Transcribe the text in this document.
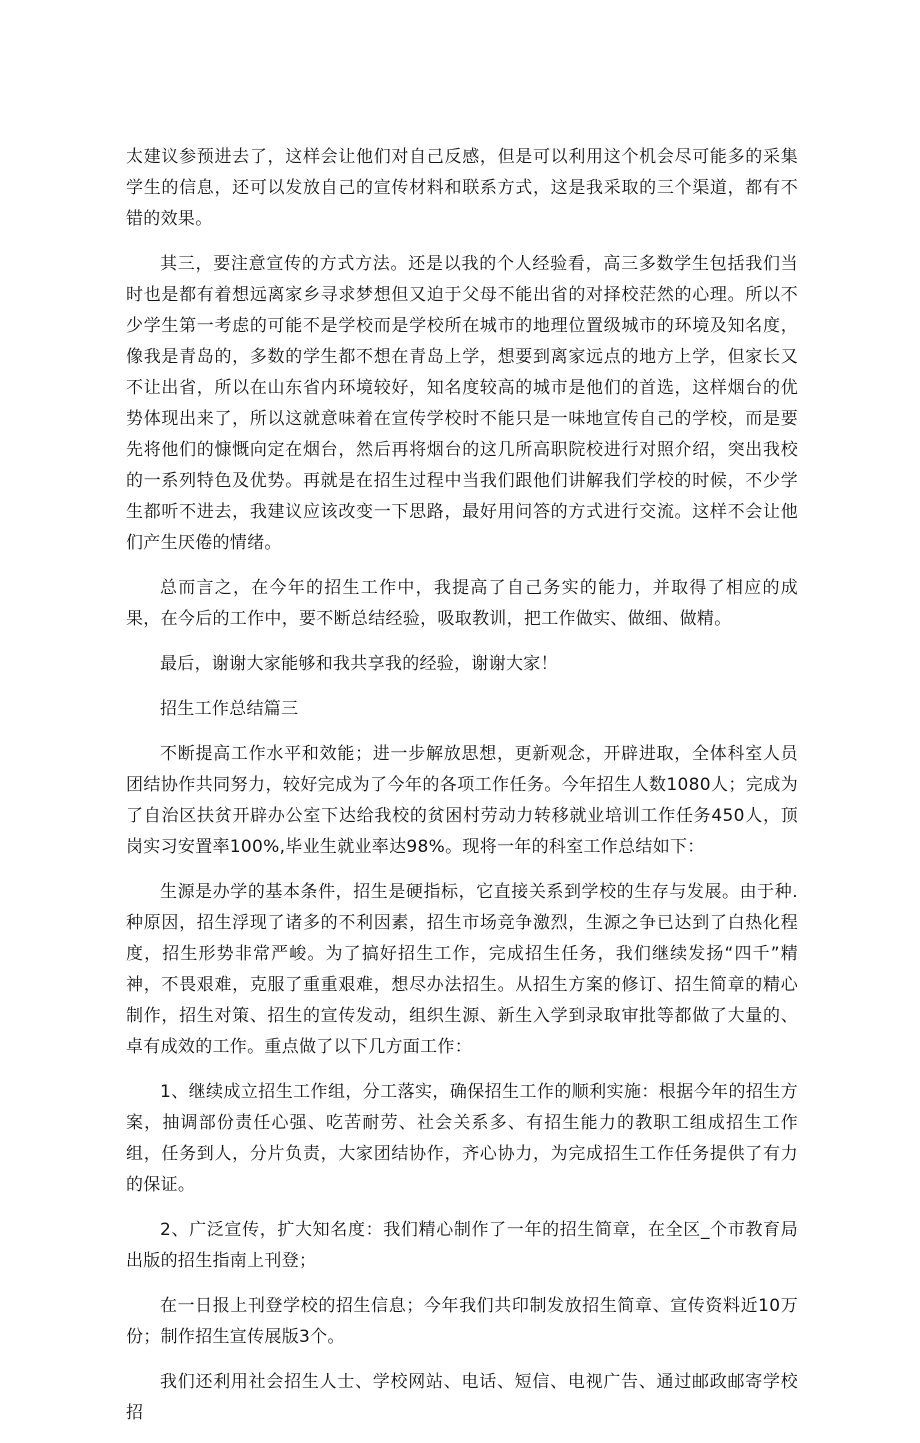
太建议参预进去了，这样会让他们对自己反感，但是可以利用这个机会尽可能多的采集学生的信息，还可以发放自己的宣传材料和联系方式，这是我采取的三个渠道，都有不错的效果。

其三，要注意宣传的方式方法。还是以我的个人经验看，高三多数学生包括我们当时也是都有着想远离家乡寻求梦想但又迫于父母不能出省的对择校茫然的心理。所以不少学生第一考虑的可能不是学校而是学校所在城市的地理位置级城市的环境及知名度，像我是青岛的，多数的学生都不想在青岛上学，想要到离家远点的地方上学，但家长又不让出省，所以在山东省内环境较好，知名度较高的城市是他们的首选，这样烟台的优势体现出来了，所以这就意味着在宣传学校时不能只是一味地宣传自己的学校，而是要先将他们的慷慨向定在烟台，然后再将烟台的这几所高职院校进行对照介绍，突出我校的一系列特色及优势。再就是在招生过程中当我们跟他们讲解我们学校的时候，不少学生都听不进去，我建议应该改变一下思路，最好用问答的方式进行交流。这样不会让他们产生厌倦的情绪。

总而言之，在今年的招生工作中，我提高了自己务实的能力，并取得了相应的成果，在今后的工作中，要不断总结经验，吸取教训，把工作做实、做细、做精。

最后，谢谢大家能够和我共享我的经验，谢谢大家！

招生工作总结篇三

不断提高工作水平和效能；进一步解放思想，更新观念，开辟进取，全体科室人员团结协作共同努力，较好完成为了今年的各项工作任务。今年招生人数1080人；完成为了自治区扶贫开辟办公室下达给我校的贫困村劳动力转移就业培训工作任务450人，顶岗实习安置率100%,毕业生就业率达98%。现将一年的科室工作总结如下：

生源是办学的基本条件，招生是硬指标，它直接关系到学校的生存与发展。由于种.种原因，招生浮现了诸多的不利因素，招生市场竞争激烈，生源之争已达到了白热化程度，招生形势非常严峻。为了搞好招生工作，完成招生任务，我们继续发扬“四千”精神，不畏艰难，克服了重重艰难，想尽办法招生。从招生方案的修订、招生简章的精心制作，招生对策、招生的宣传发动，组织生源、新生入学到录取审批等都做了大量的、卓有成效的工作。重点做了以下几方面工作：

1、继续成立招生工作组，分工落实，确保招生工作的顺利实施：根据今年的招生方案，抽调部份责任心强、吃苦耐劳、社会关系多、有招生能力的教职工组成招生工作组，任务到人，分片负责，大家团结协作，齐心协力，为完成招生工作任务提供了有力的保证。

2、广泛宣传，扩大知名度：我们精心制作了一年的招生简章，在全区_个市教育局出版的招生指南上刊登；

在一日报上刊登学校的招生信息；今年我们共印制发放招生简章、宣传资料近10万份；制作招生宣传展版3个。

我们还利用社会招生人士、学校网站、电话、短信、电视广告、通过邮政邮寄学校招
